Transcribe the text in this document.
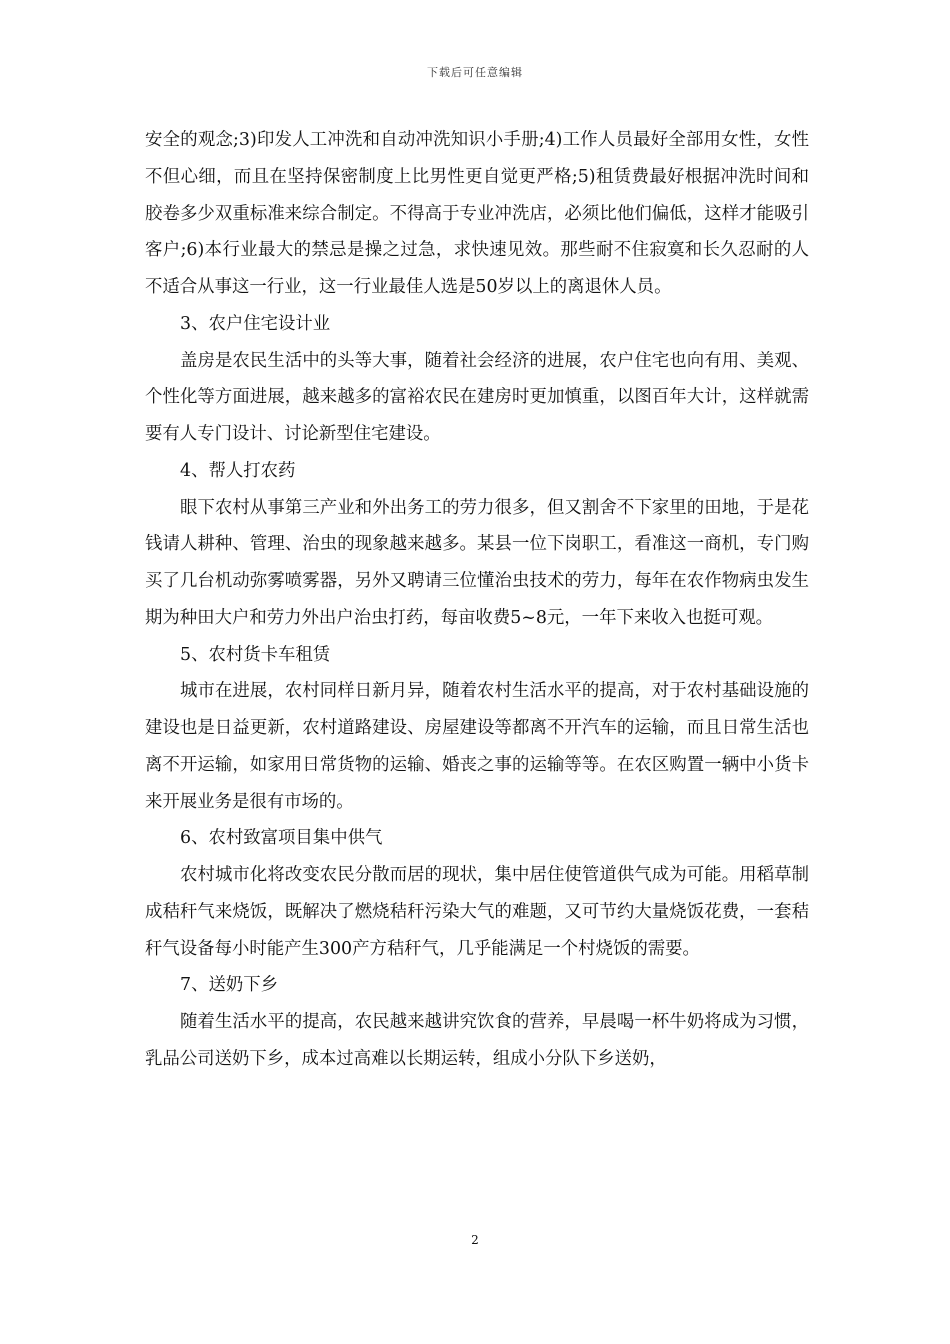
下载后可任意编辑

安全的观念;3)印发人工冲洗和自动冲洗知识小手册;4)工作人员最好全部用女性，女性不但心细，而且在坚持保密制度上比男性更自觉更严格;5)租赁费最好根据冲洗时间和胶卷多少双重标准来综合制定。不得高于专业冲洗店，必须比他们偏低，这样才能吸引客户;6)本行业最大的禁忌是操之过急，求快速见效。那些耐不住寂寞和长久忍耐的人不适合从事这一行业，这一行业最佳人选是50岁以上的离退休人员。

3、农户住宅设计业

盖房是农民生活中的头等大事，随着社会经济的进展，农户住宅也向有用、美观、个性化等方面进展，越来越多的富裕农民在建房时更加慎重，以图百年大计，这样就需要有人专门设计、讨论新型住宅建设。

4、帮人打农药

眼下农村从事第三产业和外出务工的劳力很多，但又割舍不下家里的田地，于是花钱请人耕种、管理、治虫的现象越来越多。某县一位下岗职工，看准这一商机，专门购买了几台机动弥雾喷雾器，另外又聘请三位懂治虫技术的劳力，每年在农作物病虫发生期为种田大户和劳力外出户治虫打药，每亩收费5~8元，一年下来收入也挺可观。

5、农村货卡车租赁

城市在进展，农村同样日新月异，随着农村生活水平的提高，对于农村基础设施的建设也是日益更新，农村道路建设、房屋建设等都离不开汽车的运输，而且日常生活也离不开运输，如家用日常货物的运输、婚丧之事的运输等等。在农区购置一辆中小货卡来开展业务是很有市场的。

6、农村致富项目集中供气

农村城市化将改变农民分散而居的现状，集中居住使管道供气成为可能。用稻草制成秸秆气来烧饭，既解决了燃烧秸秆污染大气的难题，又可节约大量烧饭花费，一套秸秆气设备每小时能产生300产方秸秆气，几乎能满足一个村烧饭的需要。

7、送奶下乡

随着生活水平的提高，农民越来越讲究饮食的营养，早晨喝一杯牛奶将成为习惯，乳品公司送奶下乡，成本过高难以长期运转，组成小分队下乡送奶，

2
